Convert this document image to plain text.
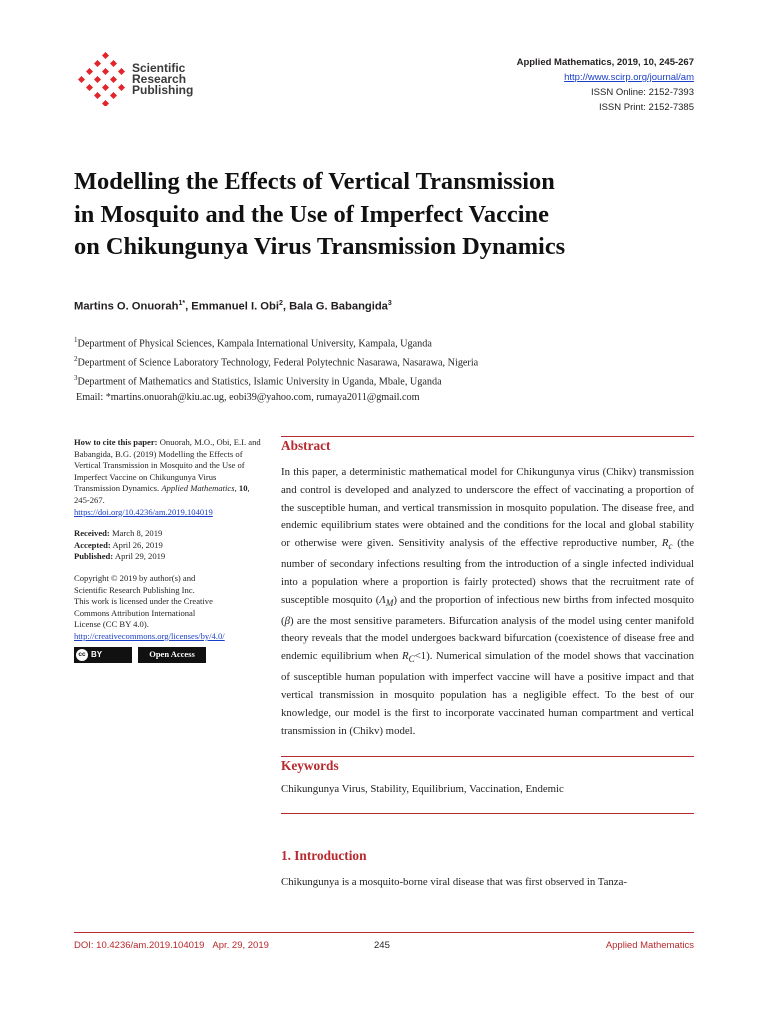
Scientific
Research
Publishing
Applied Mathematics, 2019, 10, 245-267
http://www.scirp.org/journal/am
ISSN Online: 2152-7393
ISSN Print: 2152-7385
Modelling the Effects of Vertical Transmission
in Mosquito and the Use of Imperfect Vaccine
on Chikungunya Virus Transmission Dynamics
Martins O. Onuorah$^{1*}$, Emmanuel I. Obi$^2$, Bala G. Babangida$^3$
$^1$Department of Physical Sciences, Kampala International University, Kampala, Uganda
$^2$Department of Science Laboratory Technology, Federal Polytechnic Nasarawa, Nasarawa, Nigeria
$^3$Department of Mathematics and Statistics, Islamic University in Uganda, Mbale, Uganda
Email: *martins.onuorah@kiu.ac.ug, eobi39@yahoo.com, rumaya2011@gmail.com

How to cite this paper: Onuorah, M.O., Obi, E.I. and Babangida, B.G. (2019) Modelling the Effects of Vertical Transmission in Mosquito and the Use of Imperfect Vaccine on Chikungunya Virus Transmission Dynamics. Applied Mathematics, 10, 245-267.
https://doi.org/10.4236/am.2019.104019

Received: March 8, 2019
Accepted: April 26, 2019
Published: April 29, 2019

Copyright © 2019 by author(s) and
Scientific Research Publishing Inc.
This work is licensed under the Creative
Commons Attribution International
License (CC BY 4.0).
http://creativecommons.org/licenses/by/4.0/

cc BY	Open Access
Abstract
In this paper, a deterministic mathematical model for Chikungunya virus (Chikv) transmission and control is developed and analyzed to underscore the effect of vaccinating a proportion of the susceptible human, and vertical transmission in mosquito population. The disease free, and endemic equilibrium states were obtained and the conditions for the local and global stability or otherwise were given. Sensitivity analysis of the effective reproductive number, $R_c$ (the number of secondary infections resulting from the introduction of a single infected individual into a population where a proportion is fairly protected) shows that the recruitment rate of susceptible mosquito $(\Lambda_M)$ and the proportion of infectious new births from infected mosquito (β) are the most sensitive parameters. Bifurcation analysis of the model using center manifold theory reveals that the model undergoes backward bifurcation (coexistence of disease free and endemic equilibrium when $R_C<1$). Numerical simulation of the model shows that vaccination of susceptible human population with imperfect vaccine will have a positive impact and that vertical transmission in mosquito population has a negligible effect. To the best of our knowledge, our model is the first to incorporate vaccinated human compartment and vertical transmission in (Chikv) model.
Keywords
Chikungunya Virus, Stability, Equilibrium, Vaccination, Endemic
1. Introduction
Chikungunya is a mosquito-borne viral disease that was first observed in Tanza-
DOI: 10.4236/am.2019.104019 Apr. 29, 2019	245	Applied Mathematics
